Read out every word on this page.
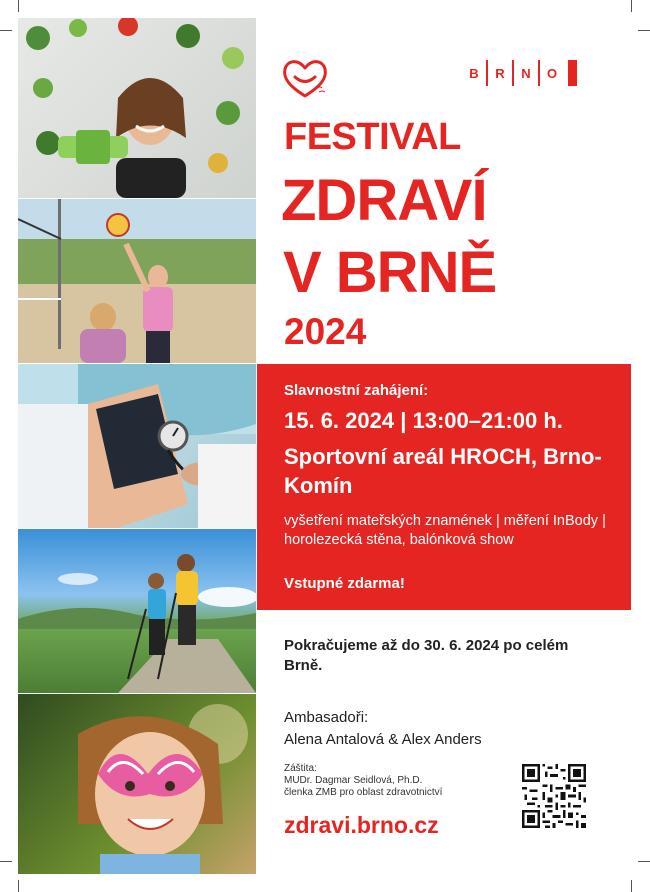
B	R	N	O
FESTIVAL
ZDRAVÍ
V BRNĚ
2024
Slavnostní zahájení:
15. 6. 2024 | 13:00–21:00 h.
Sportovní areál HROCH, Brno-Komín
vyšetření mateřských znamének | měření InBody | horolezecká stěna, balónková show
Vstupné zdarma!
Pokračujeme až do 30. 6. 2024 po celém Brně.
Ambasadoři:
Alena Antalová & Alex Anders
Záštita:
MUDr. Dagmar Seidlová, Ph.D.
členka ZMB pro oblast zdravotnictví
zdravi.brno.cz
